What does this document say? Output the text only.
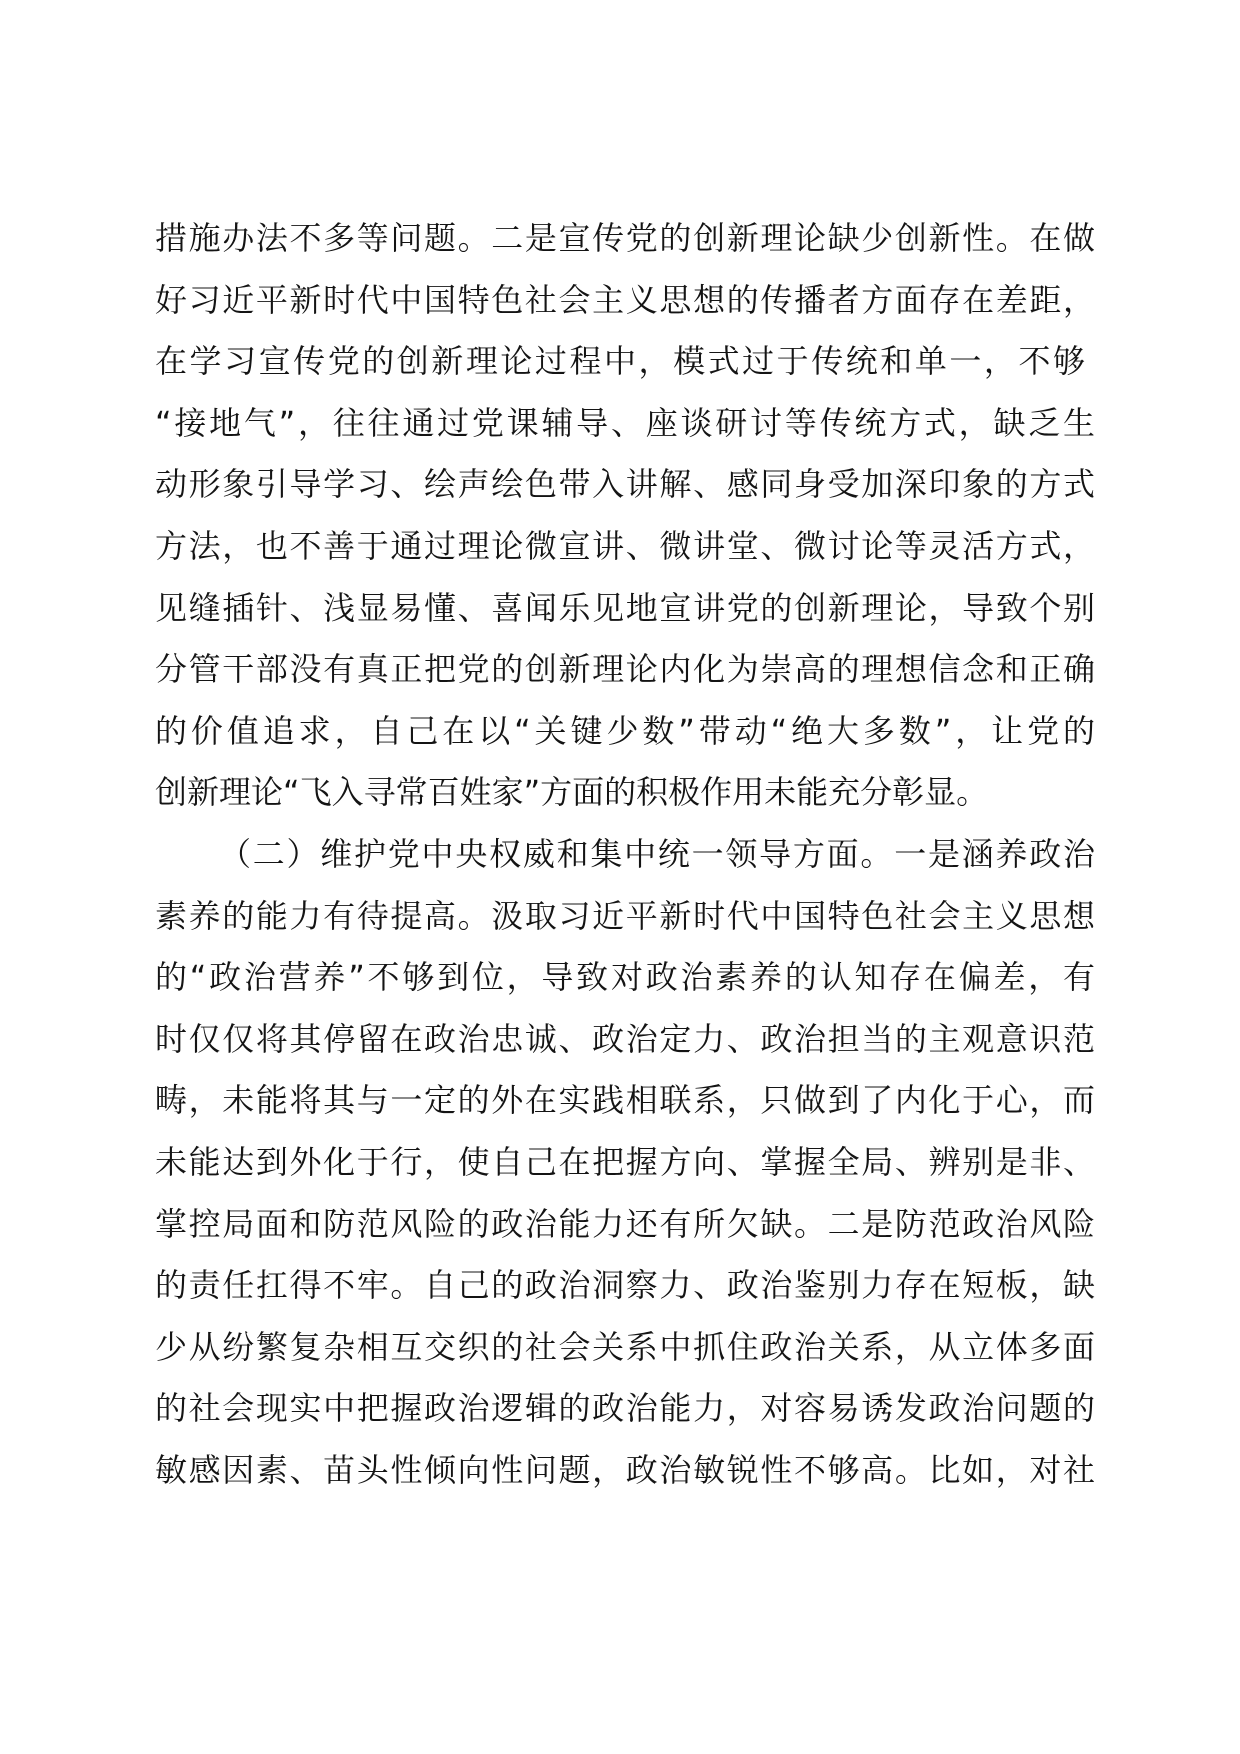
措施办法不多等问题。二是宣传党的创新理论缺少创新性。在做
好习近平新时代中国特色社会主义思想的传播者方面存在差距，
在学习宣传党的创新理论过程中，模式过于传统和单一，不够
“接地气”，往往通过党课辅导、座谈研讨等传统方式，缺乏生
动形象引导学习、绘声绘色带入讲解、感同身受加深印象的方式
方法，也不善于通过理论微宣讲、微讲堂、微讨论等灵活方式，
见缝插针、浅显易懂、喜闻乐见地宣讲党的创新理论，导致个别
分管干部没有真正把党的创新理论内化为崇高的理想信念和正确
的价值追求，自己在以“关键少数”带动“绝大多数”，让党的
创新理论“飞入寻常百姓家”方面的积极作用未能充分彰显。
（二）维护党中央权威和集中统一领导方面。一是涵养政治
素养的能力有待提高。汲取习近平新时代中国特色社会主义思想
的“政治营养”不够到位，导致对政治素养的认知存在偏差，有
时仅仅将其停留在政治忠诚、政治定力、政治担当的主观意识范
畴，未能将其与一定的外在实践相联系，只做到了内化于心，而
未能达到外化于行，使自己在把握方向、掌握全局、辨别是非、
掌控局面和防范风险的政治能力还有所欠缺。二是防范政治风险
的责任扛得不牢。自己的政治洞察力、政治鉴别力存在短板，缺
少从纷繁复杂相互交织的社会关系中抓住政治关系，从立体多面
的社会现实中把握政治逻辑的政治能力，对容易诱发政治问题的
敏感因素、苗头性倾向性问题，政治敏锐性不够高。比如，对社
